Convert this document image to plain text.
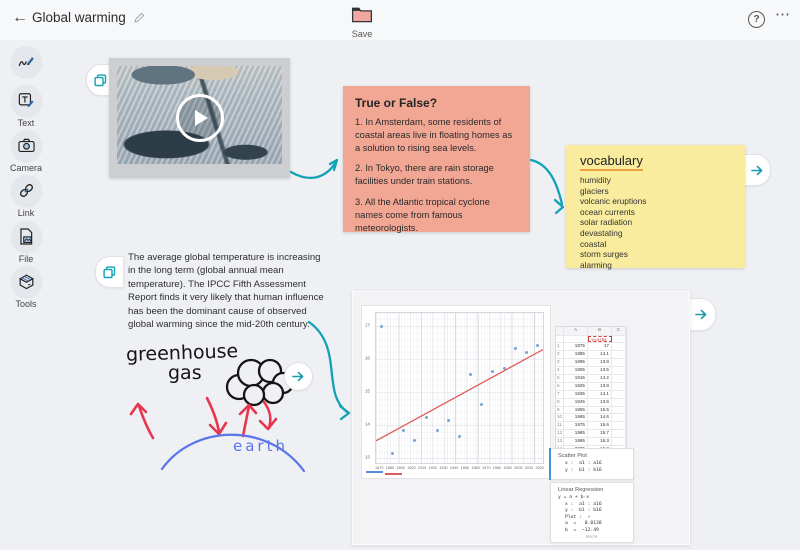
← Global warming
Save
?	⋯
Text
Camera
Link
File
Tools
True or False?
1. In Amsterdam, some residents of coastal areas live in floating homes as a solution to rising sea levels.
2. In Tokyo, there are rain storage facilities under train stations.
3. All the Atlantic tropical cyclone names come from famous meteorologists.
vocabulary
humidity
glaciers
volcanic eruptions
ocean currents
solar radiation
devastating
coastal
storm surges
alarming
The average global temperature is increasing in the long term (global annual mean temperature). The IPCC Fifth Assessment Report finds it very likely that human influence has been the dominant cause of observed global warming since the mid-20th century.
greenhouse
gas
earth
17
16
15
14
13
1870 1880 1890 1900 1910 1920 1930 1940 1950 1960 1970 1980 1990 2000 2010 2020
A	B	C
y=a+bx
1	1875	17
2	1885	14.1
3	1895	13.8
4	1905	13.5
5	1915	14.2
6	1925	13.8
7	1935	14.1
8	1945	13.6
9	1955	15.5
10	1965	14.6
11	1975	15.6
12	1985	15.7
13	1995	16.3
Scatter Plot
x :  a1 : a16
y :  b1 : b16
Linear Regression
y = a + b·x
x :  a1 : a16
y :  b1 : b16
Plot :  ✓
a  =   0.0138
b  =  −12.49
more
